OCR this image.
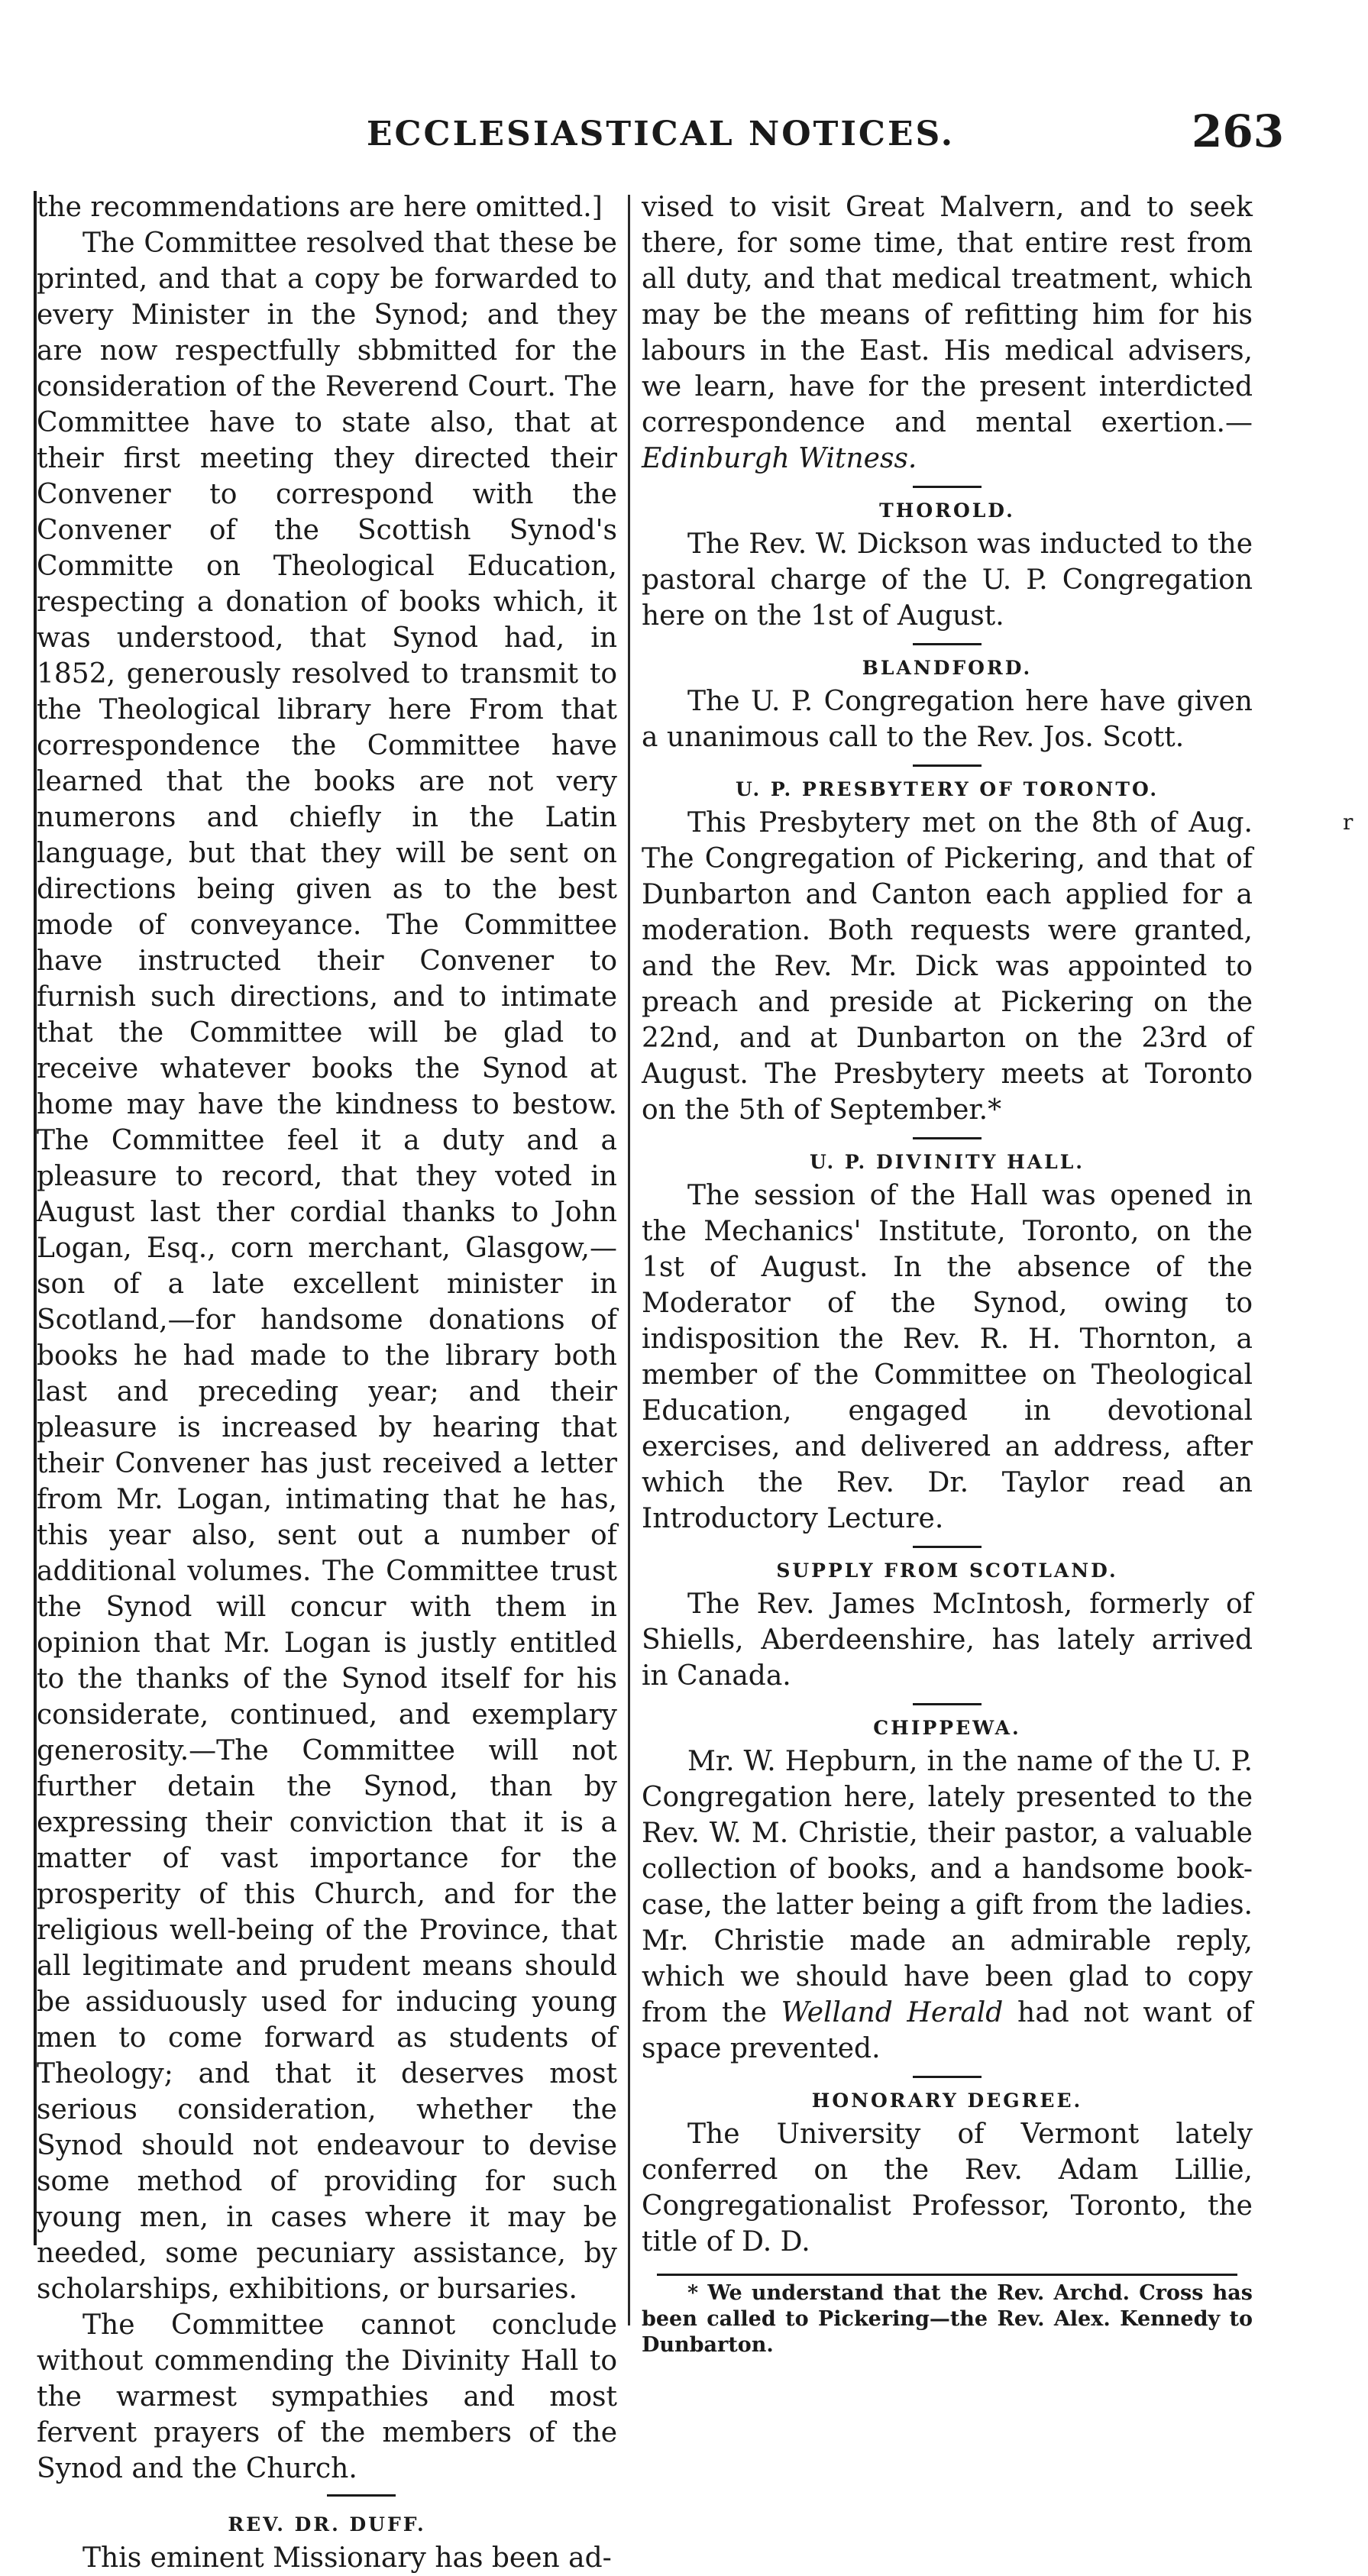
ECCLESIASTICAL NOTICES.	263

the recommendations are here omitted.]

The Committee resolved that these be printed, and that a copy be forwarded to every Minister in the Synod; and they are now respectfully sbbmitted for the consideration of the Reverend Court. The Committee have to state also, that at their first meeting they directed their Convener to correspond with the Convener of the Scottish Synod's Committe on Theological Education, respecting a donation of books which, it was understood, that Synod had, in 1852, generously resolved to transmit to the Theological library here From that correspondence the Committee have learned that the books are not very numerons and chiefly in the Latin language, but that they will be sent on directions being given as to the best mode of conveyance. The Committee have instructed their Convener to furnish such directions, and to intimate that the Committee will be glad to receive whatever books the Synod at home may have the kindness to bestow. The Committee feel it a duty and a pleasure to record, that they voted in August last ther cordial thanks to John Logan, Esq., corn merchant, Glasgow,—son of a late excellent minister in Scotland,—for handsome donations of books he had made to the library both last and preceding year; and their pleasure is increased by hearing that their Convener has just received a letter from Mr. Logan, intimating that he has, this year also, sent out a number of additional volumes. The Committee trust the Synod will concur with them in opinion that Mr. Logan is justly entitled to the thanks of the Synod itself for his considerate, continued, and exemplary generosity.—The Committee will not further detain the Synod, than by expressing their conviction that it is a matter of vast importance for the prosperity of this Church, and for the religious well-being of the Province, that all legitimate and prudent means should be assiduously used for inducing young men to come forward as students of Theology; and that it deserves most serious consideration, whether the Synod should not endeavour to devise some method of providing for such young men, in cases where it may be needed, some pecuniary assistance, by scholarships, exhibitions, or bursaries.

The Committee cannot conclude without commending the Divinity Hall to the warmest sympathies and most fervent prayers of the members of the Synod and the Church.

REV. DR. DUFF.

This eminent Missionary has been ad-

vised to visit Great Malvern, and to seek there, for some time, that entire rest from all duty, and that medical treatment, which may be the means of refitting him for his labours in the East. His medical advisers, we learn, have for the present interdicted correspondence and mental exertion.—Edinburgh Witness.

THOROLD.

The Rev. W. Dickson was inducted to the pastoral charge of the U. P. Congregation here on the 1st of August.

BLANDFORD.

The U. P. Congregation here have given a unanimous call to the Rev. Jos. Scott.

U. P. PRESBYTERY OF TORONTO.

This Presbytery met on the 8th of Aug. The Congregation of Pickering, and that of Dunbarton and Canton each applied for a moderation. Both requests were granted, and the Rev. Mr. Dick was appointed to preach and preside at Pickering on the 22nd, and at Dunbarton on the 23rd of August. The Presbytery meets at Toronto on the 5th of September.*

U. P. DIVINITY HALL.

The session of the Hall was opened in the Mechanics' Institute, Toronto, on the 1st of August. In the absence of the Moderator of the Synod, owing to indisposition the Rev. R. H. Thornton, a member of the Committee on Theological Education, engaged in devotional exercises, and delivered an address, after which the Rev. Dr. Taylor read an Introductory Lecture.

SUPPLY FROM SCOTLAND.

The Rev. James McIntosh, formerly of Shiells, Aberdeenshire, has lately arrived in Canada.

CHIPPEWA.

Mr. W. Hepburn, in the name of the U. P. Congregation here, lately presented to the Rev. W. M. Christie, their pastor, a valuable collection of books, and a handsome book-case, the latter being a gift from the ladies. Mr. Christie made an admirable reply, which we should have been glad to copy from the Welland Herald had not want of space prevented.

HONORARY DEGREE.

The University of Vermont lately conferred on the Rev. Adam Lillie, Congregationalist Professor, Toronto, the title of D. D.

* We understand that the Rev. Archd. Cross has been called to Pickering—the Rev. Alex. Kennedy to Dunbarton.

r
